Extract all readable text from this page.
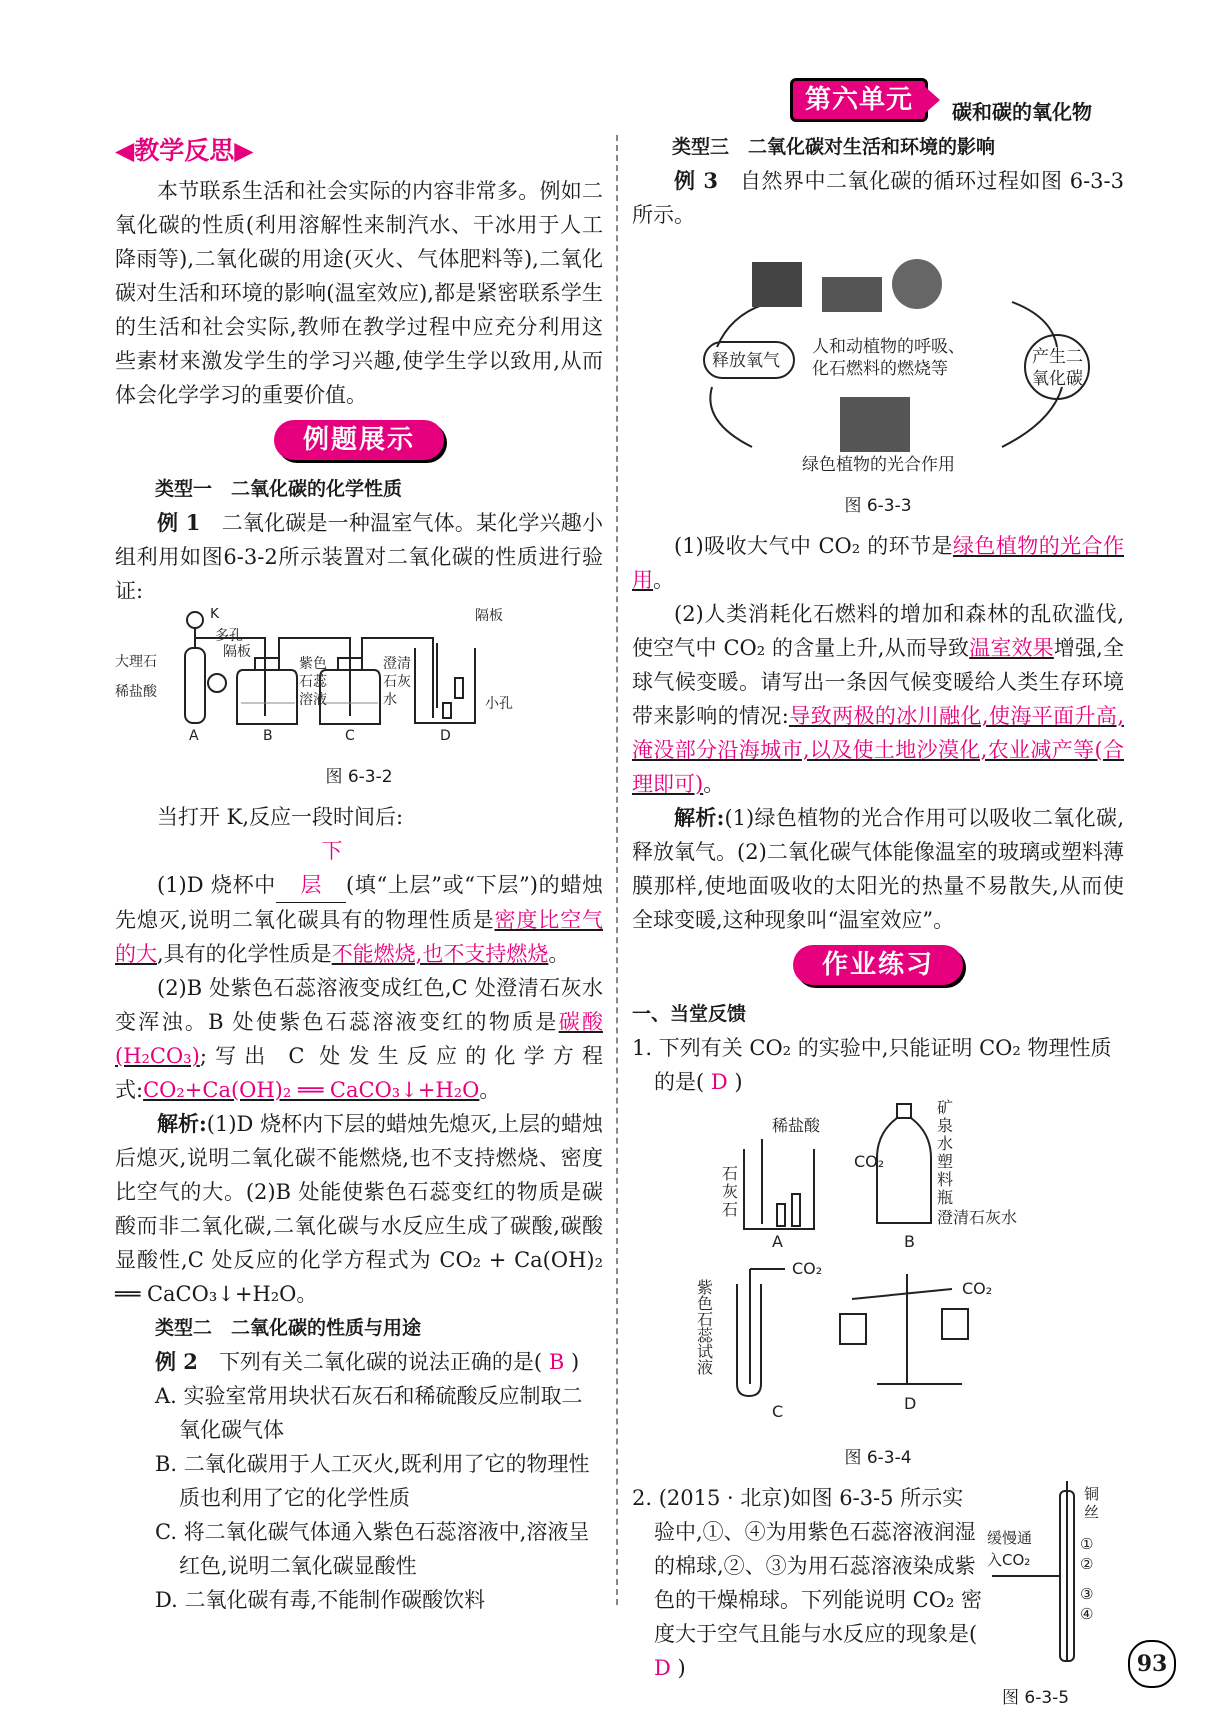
第六单元	碳和碳的氧化物
◀教学反思▶

本节联系生活和社会实际的内容非常多。例如二氧化碳的性质(利用溶解性来制汽水、干冰用于人工降雨等),二氧化碳的用途(灭火、气体肥料等),二氧化碳对生活和环境的影响(温室效应),都是紧密联系学生的生活和社会实际,教师在教学过程中应充分利用这些素材来激发学生的学习兴趣,使学生学以致用,从而体会化学学习的重要价值。

例题展示
类型一　二氧化碳的化学性质

例 1　 二氧化碳是一种温室气体。某化学兴趣小组利用如图6-3-2所示装置对二氧化碳的性质进行验证:

K
多孔
隔板
大理石
稀盐酸
紫色
石蕊
溶液
澄清
石灰
水
隔板
小孔
A	B	C	D
图 6-3-2

当打开 K,反应一段时间后:

(1)D 烧杯中下层 (填“上层”或“下层”)的蜡烛先熄灭,说明二氧化碳具有的物理性质是密度比空气的大,具有的化学性质是不能燃烧,也不支持燃烧。

(2)B 处紫色石蕊溶液变成红色,C 处澄清石灰水变浑浊。B 处使紫色石蕊溶液变红的物质是碳酸(H₂CO₃);写出 C 处发生反应的化学方程式:CO₂+Ca(OH)₂ ══ CaCO₃↓+H₂O。

解析:(1)D 烧杯内下层的蜡烛先熄灭,上层的蜡烛后熄灭,说明二氧化碳不能燃烧,也不支持燃烧、密度比空气的大。(2)B 处能使紫色石蕊变红的物质是碳酸而非二氧化碳,二氧化碳与水反应生成了碳酸,碳酸显酸性,C 处反应的化学方程式为 CO₂ + Ca(OH)₂ ══ CaCO₃↓+H₂O。

类型二　二氧化碳的性质与用途

例 2　 下列有关二氧化碳的说法正确的是( B )

A. 实验室常用块状石灰石和稀硫酸反应制取二氧化碳气体

B. 二氧化碳用于人工灭火,既利用了它的物理性质也利用了它的化学性质

C. 将二氧化碳气体通入紫色石蕊溶液中,溶液呈红色,说明二氧化碳显酸性

D. 二氧化碳有毒,不能制作碳酸饮料

类型三　二氧化碳对生活和环境的影响

例 3　 自然界中二氧化碳的循环过程如图 6-3-3 所示。

释放氧气
人和动植物的呼吸、
化石燃料的燃烧等
产生二
氧化碳
绿色植物的光合作用
图 6-3-3

(1)吸收大气中 CO₂ 的环节是绿色植物的光合作用。

(2)人类消耗化石燃料的增加和森林的乱砍滥伐,使空气中 CO₂ 的含量上升,从而导致温室效果增强,全球气候变暖。请写出一条因气候变暖给人类生存环境带来影响的情况:导致两极的冰川融化,使海平面升高,淹没部分沿海城市,以及使土地沙漠化,农业减产等(合理即可)。

解析:(1)绿色植物的光合作用可以吸收二氧化碳,释放氧气。(2)二氧化碳气体能像温室的玻璃或塑料薄膜那样,使地面吸收的太阳光的热量不易散失,从而使全球变暖,这种现象叫“温室效应”。

作业练习
一、当堂反馈

1. 下列有关 CO₂ 的实验中,只能证明 CO₂ 物理性质的是( D )

稀盐酸
石
灰
石
矿
泉
水
塑
料
瓶
CO₂
澄清石灰水
CO₂
CO₂
紫色石蕊试液
A	B
C	D
图 6-3-4

2. (2015 · 北京)如图 6-3-5 所示实验中,①、④为用紫色石蕊溶液润湿的棉球,②、③为用石蕊溶液染成紫色的干燥棉球。下列能说明 CO₂ 密度大于空气且能与水反应的现象是( D )

铜
丝
缓慢通
入CO₂
①
②
③
④
图 6-3-5
93
